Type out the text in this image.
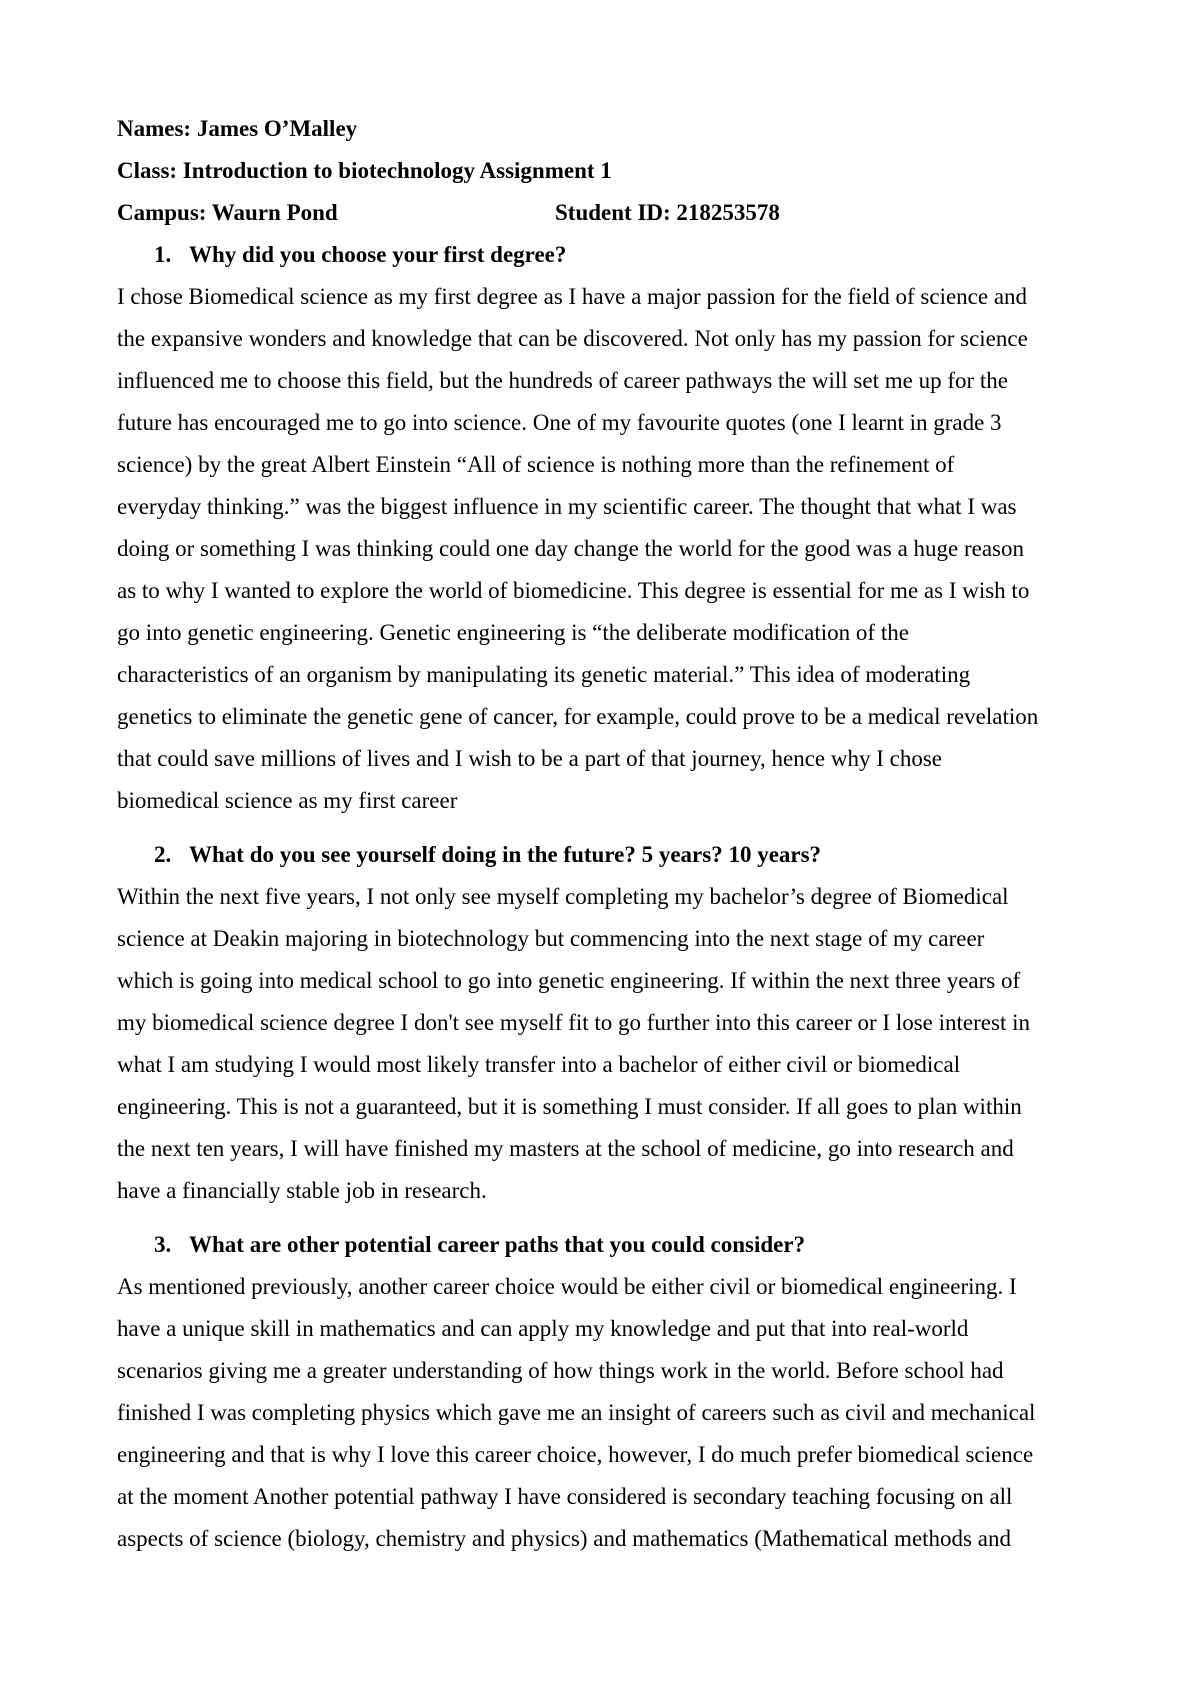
Names: James O’Malley
Class: Introduction to biotechnology Assignment 1
Campus: Waurn Pond	Student ID: 218253578
1. Why did you choose your first degree?
I chose Biomedical science as my first degree as I have a major passion for the field of science and
the expansive wonders and knowledge that can be discovered. Not only has my passion for science
influenced me to choose this field, but the hundreds of career pathways the will set me up for the
future has encouraged me to go into science. One of my favourite quotes (one I learnt in grade 3
science) by the great Albert Einstein “All of science is nothing more than the refinement of
everyday thinking.” was the biggest influence in my scientific career. The thought that what I was
doing or something I was thinking could one day change the world for the good was a huge reason
as to why I wanted to explore the world of biomedicine. This degree is essential for me as I wish to
go into genetic engineering. Genetic engineering is “the deliberate modification of the
characteristics of an organism by manipulating its genetic material.” This idea of moderating
genetics to eliminate the genetic gene of cancer, for example, could prove to be a medical revelation
that could save millions of lives and I wish to be a part of that journey, hence why I chose
biomedical science as my first career
2. What do you see yourself doing in the future? 5 years? 10 years?
Within the next five years, I not only see myself completing my bachelor’s degree of Biomedical
science at Deakin majoring in biotechnology but commencing into the next stage of my career
which is going into medical school to go into genetic engineering. If within the next three years of
my biomedical science degree I don't see myself fit to go further into this career or I lose interest in
what I am studying I would most likely transfer into a bachelor of either civil or biomedical
engineering. This is not a guaranteed, but it is something I must consider. If all goes to plan within
the next ten years, I will have finished my masters at the school of medicine, go into research and
have a financially stable job in research.
3. What are other potential career paths that you could consider?
As mentioned previously, another career choice would be either civil or biomedical engineering. I
have a unique skill in mathematics and can apply my knowledge and put that into real-world
scenarios giving me a greater understanding of how things work in the world. Before school had
finished I was completing physics which gave me an insight of careers such as civil and mechanical
engineering and that is why I love this career choice, however, I do much prefer biomedical science
at the moment Another potential pathway I have considered is secondary teaching focusing on all
aspects of science (biology, chemistry and physics) and mathematics (Mathematical methods and
